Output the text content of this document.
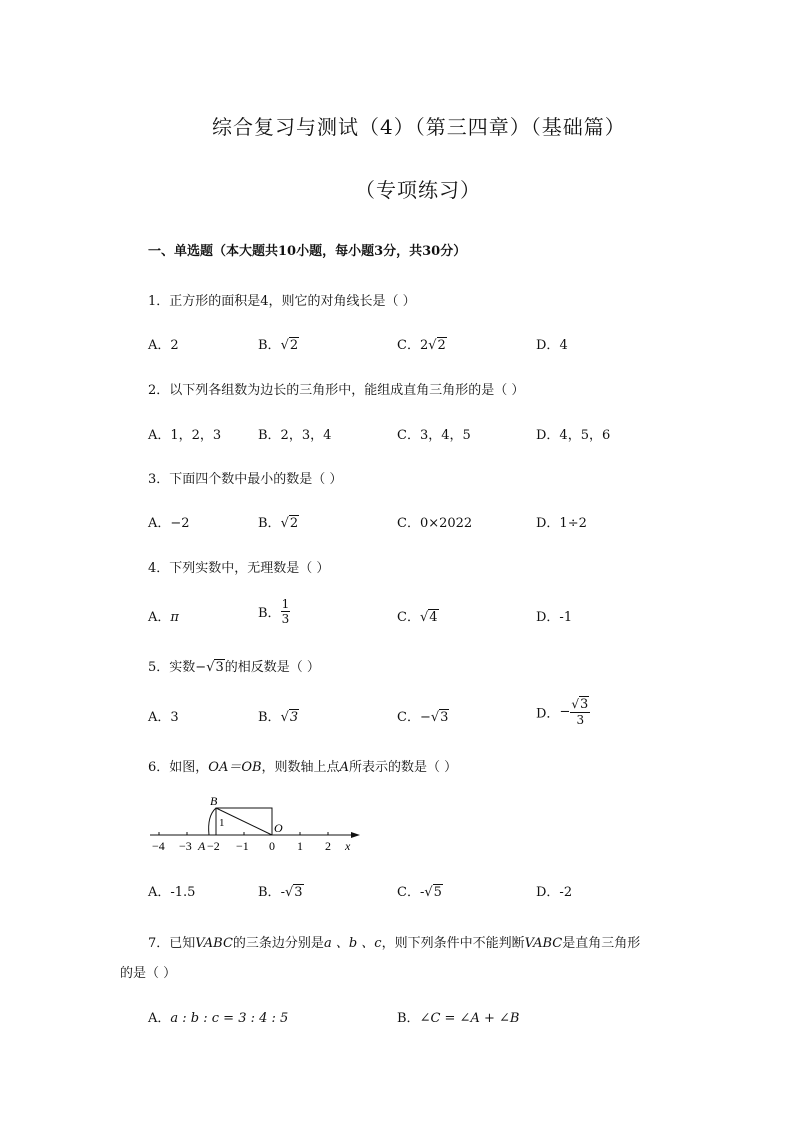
综合复习与测试（4）（第三四章）（基础篇）
（专项练习）
一、单选题（本大题共10小题，每小题3分，共30分）
1．正方形的面积是4，则它的对角线长是（ ）
A．2	B．√2	C．2√2	D．4
2．以下列各组数为边长的三角形中，能组成直角三角形的是（ ）
A．1，2，3	B．2，3，4	C．3，4，5	D．4，5，6
3．下面四个数中最小的数是（ ）
A．−2	B．√2	C．0×2022	D．1÷2
4．下列实数中，无理数是（ ）
A．π	B． $\frac{1}{3}$	C．√4	D．-1
5．实数−√3的相反数是（ ）
A．3	B．√3	C．−√3	D．− $\frac{√3}{3}$
6．如图，OA＝OB，则数轴上点A所表示的数是（ ）
B
O
1
x
−4 −3 A −2 −1 0 1 2
A．-1.5	B．-√3	C．-√5	D．-2
7．已知VABC的三条边分别是a 、b 、c，则下列条件中不能判断VABC是直角三角形
的是（ ）
A．a : b : c = 3 : 4 : 5	B．∠C = ∠A + ∠B
